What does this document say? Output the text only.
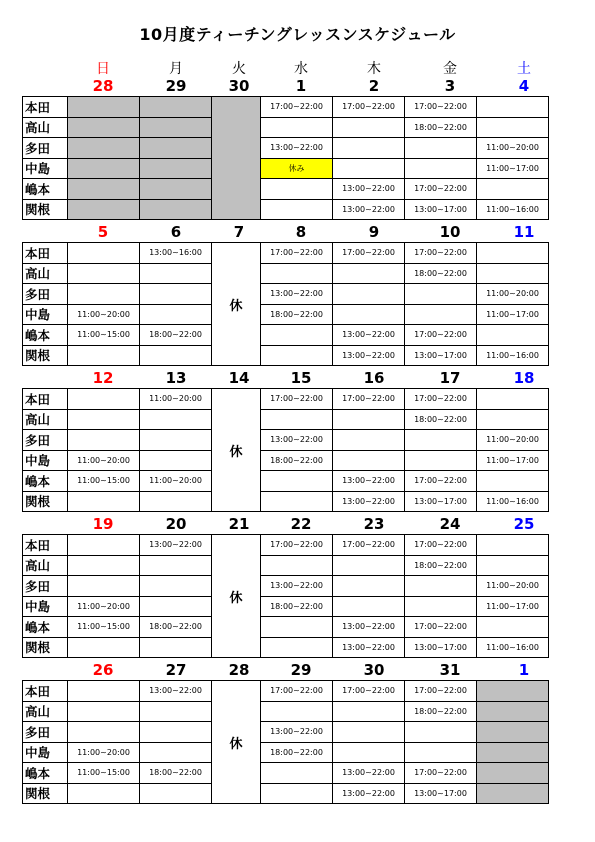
10月度ティーチングレッスンスケジュール
日	月	火	水	木	金	土
28	29	30	1	2	3	4
本田				17:00~22:00	17:00~22:00	17:00~22:00	
高山						18:00~22:00	
多田				13:00~22:00			11:00~20:00
中島				休み			11:00~17:00
嶋本					13:00~22:00	17:00~22:00	
関根					13:00~22:00	13:00~17:00	11:00~16:00
5	6	7	8	9	10	11
本田		13:00~16:00	休	17:00~22:00	17:00~22:00	17:00~22:00	
高山						18:00~22:00	
多田				13:00~22:00			11:00~20:00
中島	11:00~20:00			18:00~22:00			11:00~17:00
嶋本	11:00~15:00	18:00~22:00			13:00~22:00	17:00~22:00	
関根					13:00~22:00	13:00~17:00	11:00~16:00
12	13	14	15	16	17	18
本田		11:00~20:00	休	17:00~22:00	17:00~22:00	17:00~22:00	
高山						18:00~22:00	
多田				13:00~22:00			11:00~20:00
中島	11:00~20:00			18:00~22:00			11:00~17:00
嶋本	11:00~15:00	11:00~20:00			13:00~22:00	17:00~22:00	
関根					13:00~22:00	13:00~17:00	11:00~16:00
19	20	21	22	23	24	25
本田		13:00~22:00	休	17:00~22:00	17:00~22:00	17:00~22:00	
高山						18:00~22:00	
多田				13:00~22:00			11:00~20:00
中島	11:00~20:00			18:00~22:00			11:00~17:00
嶋本	11:00~15:00	18:00~22:00			13:00~22:00	17:00~22:00	
関根					13:00~22:00	13:00~17:00	11:00~16:00
26	27	28	29	30	31	1
本田		13:00~22:00	休	17:00~22:00	17:00~22:00	17:00~22:00	
高山						18:00~22:00	
多田				13:00~22:00			
中島	11:00~20:00			18:00~22:00			
嶋本	11:00~15:00	18:00~22:00			13:00~22:00	17:00~22:00	
関根					13:00~22:00	13:00~17:00	
